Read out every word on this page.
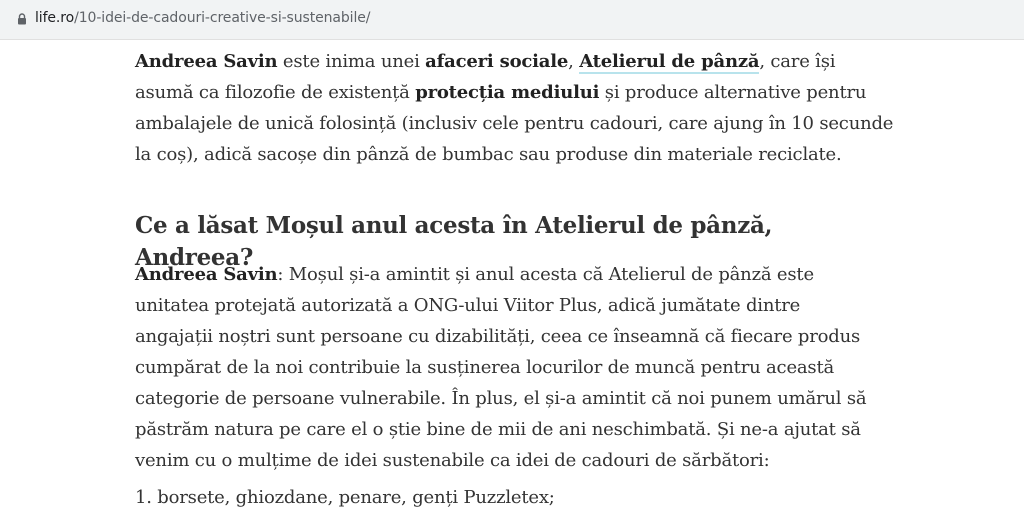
life.ro/10-idei-de-cadouri-creative-si-sustenabile/

Andreea Savin este inima unei afaceri sociale, Atelierul de pânză, care își asumă ca filozofie de existență protecția mediului și produce alternative pentru ambalajele de unică folosință (inclusiv cele pentru cadouri, care ajung în 10 secunde la coș), adică sacoșe din pânză de bumbac sau produse din materiale reciclate.

Ce a lăsat Moșul anul acesta în Atelierul de pânză, Andreea?

Andreea Savin: Moșul și-a amintit și anul acesta că Atelierul de pânză este unitatea protejată autorizată a ONG-ului Viitor Plus, adică jumătate dintre angajații noștri sunt persoane cu dizabilități, ceea ce înseamnă că fiecare produs cumpărat de la noi contribuie la susținerea locurilor de muncă pentru această categorie de persoane vulnerabile. În plus, el și-a amintit că noi punem umărul să păstrăm natura pe care el o știe bine de mii de ani neschimbată. Și ne-a ajutat să venim cu o mulțime de idei sustenabile ca idei de cadouri de sărbători:

1. borsete, ghiozdane, penare, genți Puzzletex;
